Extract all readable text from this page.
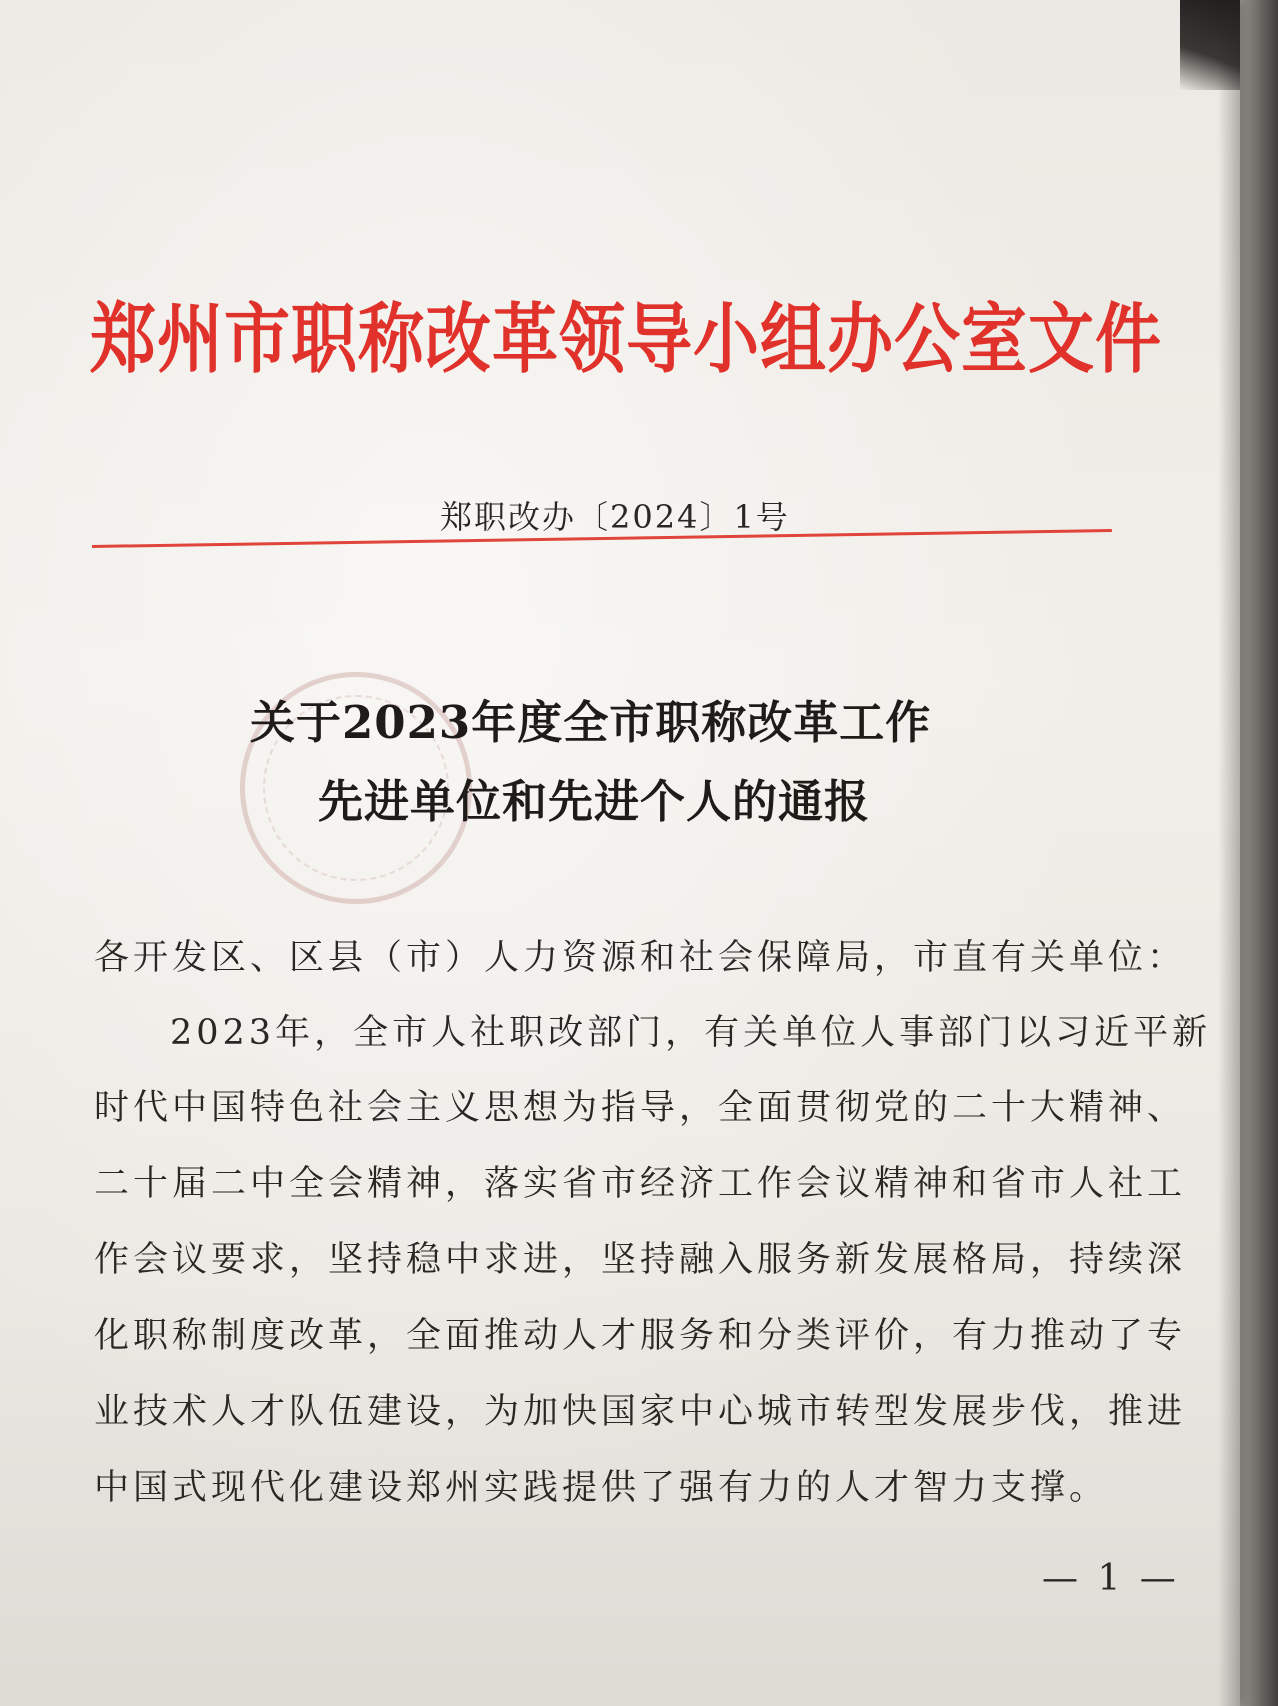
郑州市职称改革领导小组办公室文件
郑职改办〔2024〕1号
关于2023年度全市职称改革工作
先进单位和先进个人的通报
各开发区、区县（市）人力资源和社会保障局，市直有关单位：
2023年，全市人社职改部门，有关单位人事部门以习近平新
时代中国特色社会主义思想为指导，全面贯彻党的二十大精神、
二十届二中全会精神，落实省市经济工作会议精神和省市人社工
作会议要求，坚持稳中求进，坚持融入服务新发展格局，持续深
化职称制度改革，全面推动人才服务和分类评价，有力推动了专
业技术人才队伍建设，为加快国家中心城市转型发展步伐，推进
中国式现代化建设郑州实践提供了强有力的人才智力支撑。
— 1 —
